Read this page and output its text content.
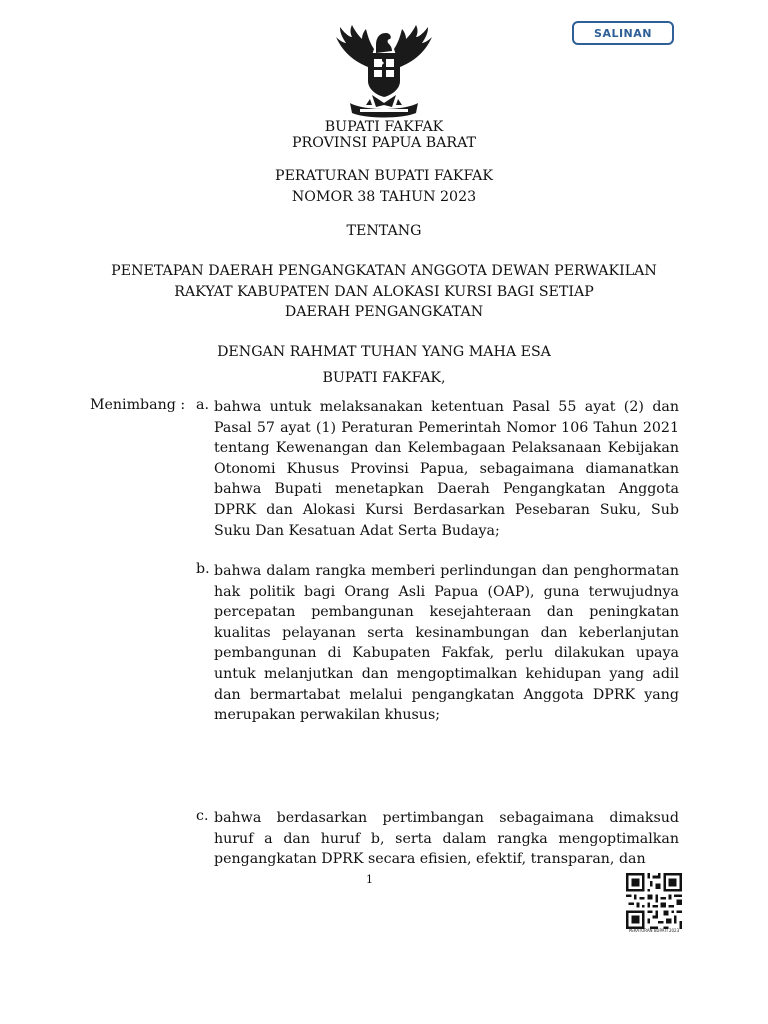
SALINAN
BUPATI FAKFAK
PROVINSI PAPUA BARAT
PERATURAN BUPATI FAKFAK
NOMOR 38 TAHUN 2023
TENTANG
PENETAPAN DAERAH PENGANGKATAN ANGGOTA DEWAN PERWAKILAN
RAKYAT KABUPATEN DAN ALOKASI KURSI BAGI SETIAP
DAERAH PENGANGKATAN
DENGAN RAHMAT TUHAN YANG MAHA ESA
BUPATI FAKFAK,
Menimbang : a. bahwa untuk melaksanakan ketentuan Pasal 55 ayat (2) dan Pasal 57 ayat (1) Peraturan Pemerintah Nomor 106 Tahun 2021 tentang Kewenangan dan Kelembagaan Pelaksanaan Kebijakan Otonomi Khusus Provinsi Papua, sebagaimana diamanatkan bahwa Bupati menetapkan Daerah Pengangkatan Anggota DPRK dan Alokasi Kursi Berdasarkan Pesebaran Suku, Sub Suku Dan Kesatuan Adat Serta Budaya;
b. bahwa dalam rangka memberi perlindungan dan penghormatan hak politik bagi Orang Asli Papua (OAP), guna terwujudnya percepatan pembangunan kesejahteraan dan peningkatan kualitas pelayanan serta kesinambungan dan keberlanjutan pembangunan di Kabupaten Fakfak, perlu dilakukan upaya untuk melanjutkan dan mengoptimalkan kehidupan yang adil dan bermartabat melalui pengangkatan Anggota DPRK yang merupakan perwakilan khusus;
c. bahwa berdasarkan pertimbangan sebagaimana dimaksud huruf a dan huruf b, serta dalam rangka mengoptimalkan pengangkatan DPRK secara efisien, efektif, transparan, dan
1
PERATURAN BUPATI 2023
